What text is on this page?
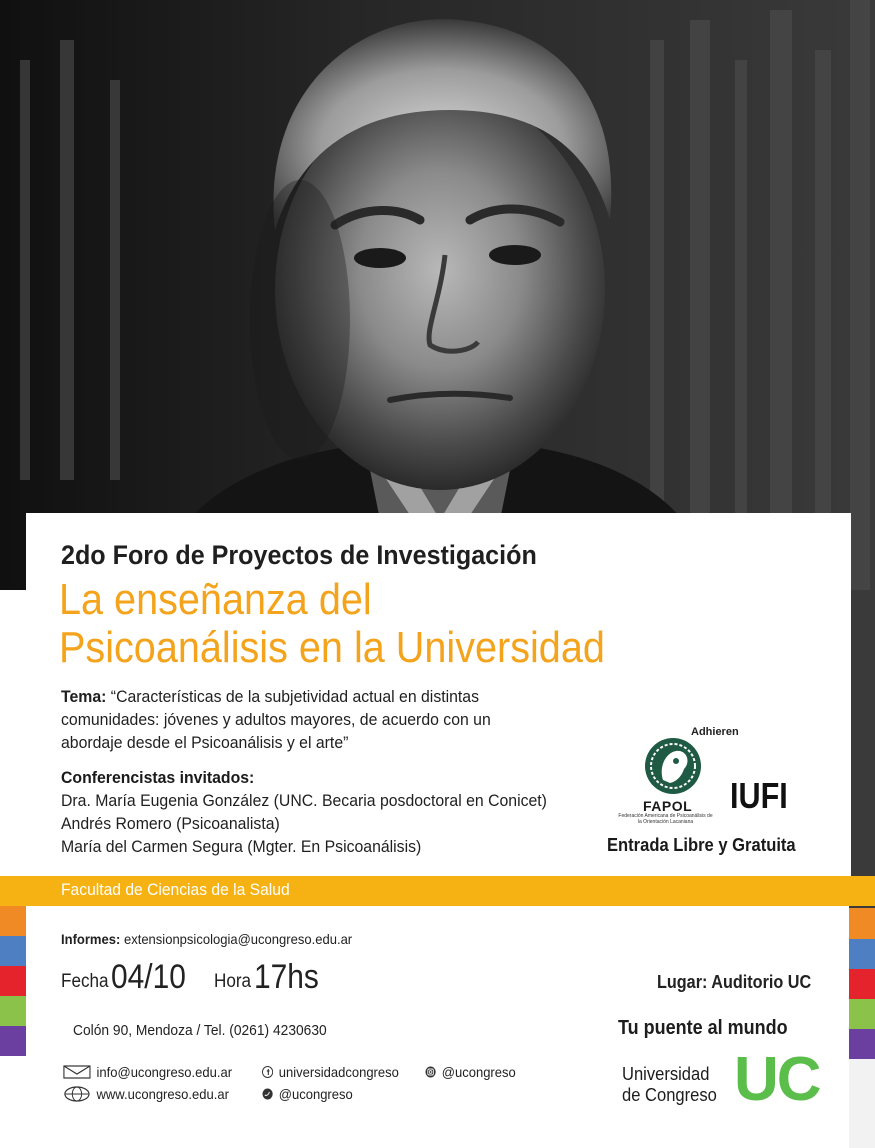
2do Foro de Proyectos de Investigación
La enseñanza del
Psicoanálisis en la Universidad
Tema: “Características de la subjetividad actual en distintas comunidades: jóvenes y adultos mayores, de acuerdo con un abordaje desde el Psicoanálisis y el arte”
Conferencistas invitados:
Dra. María Eugenia González (UNC. Becaria posdoctoral en Conicet)
Andrés Romero (Psicoanalista)
María del Carmen Segura (Mgter. En Psicoanálisis)
Adhieren
FAPOL
Federación Americana de Psicoanálisis de la Orientación Lacaniana
IUFI
Entrada Libre y Gratuita
Facultad de Ciencias de la Salud
Informes: extensionpsicologia@ucongreso.edu.ar
Fecha 04/10 Hora 17hs	Lugar: Auditorio UC
Colón 90, Mendoza / Tel. (0261) 4230630	Tu puente al mundo
Universidad
de Congreso UC
info@ucongreso.edu.ar
www.ucongreso.edu.ar
universidadcongreso
@ucongreso
@ucongreso
